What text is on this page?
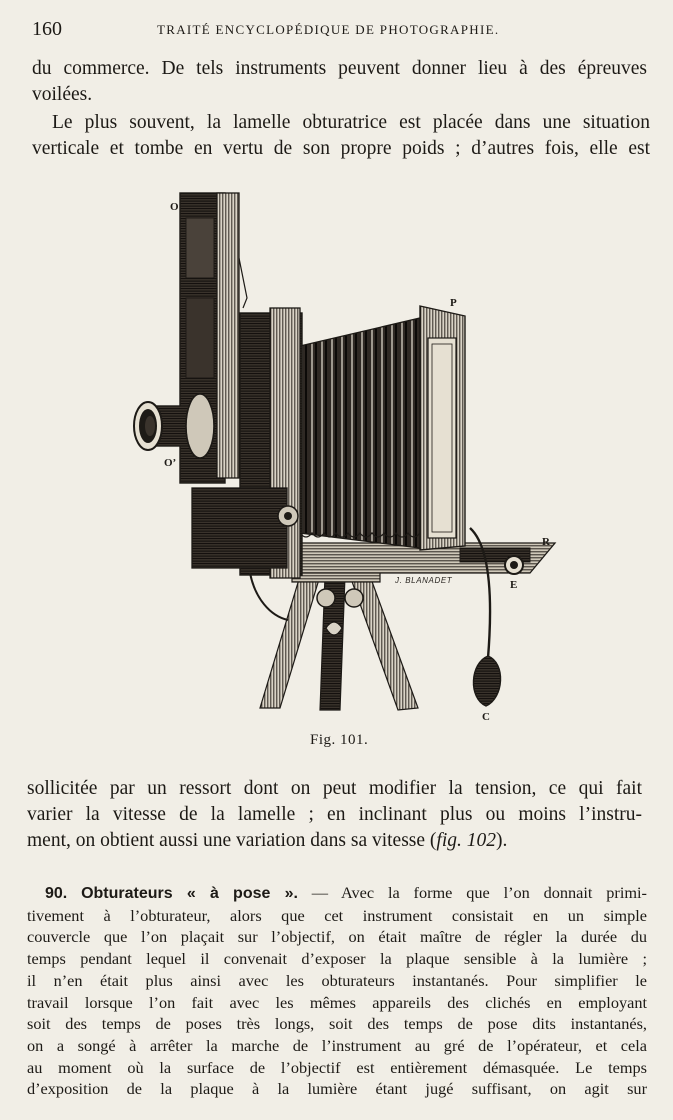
160	TRAITÉ ENCYCLOPÉDIQUE DE PHOTOGRAPHIE.
du commerce. De tels instruments peuvent donner lieu à des épreuves
voilées.
Le plus souvent, la lamelle obturatrice est placée dans une situation
verticale et tombe en vertu de son propre poids ; d’autres fois, elle est
J. BLANADET
O
O’
P
R
E
C
Fig. 101.
sollicitée par un ressort dont on peut modifier la tension, ce qui fait
varier la vitesse de la lamelle ; en inclinant plus ou moins l’instru-
ment, on obtient aussi une variation dans sa vitesse (fig. 102).
90. Obturateurs « à pose ». — Avec la forme que l’on donnait primi-
tivement à l’obturateur, alors que cet instrument consistait en un simple
couvercle que l’on plaçait sur l’objectif, on était maître de régler la durée du
temps pendant lequel il convenait d’exposer la plaque sensible à la lumière ;
il n’en était plus ainsi avec les obturateurs instantanés. Pour simplifier le
travail lorsque l’on fait avec les mêmes appareils des clichés en employant
soit des temps de poses très longs, soit des temps de pose dits instantanés,
on a songé à arrêter la marche de l’instrument au gré de l’opérateur, et cela
au moment où la surface de l’objectif est entièrement démasquée. Le temps
d’exposition de la plaque à la lumière étant jugé suffisant, on agit sur
